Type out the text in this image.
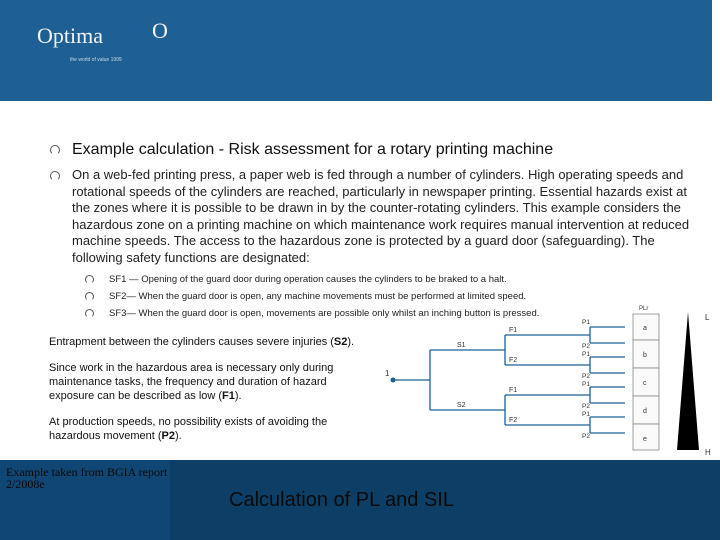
Optima O
the world of value 1999
Example calculation - Risk assessment for a rotary printing machine
On a web-fed printing press, a paper web is fed through a number of cylinders. High operating speeds and rotational speeds of the cylinders are reached, particularly in newspaper printing. Essential hazards exist at the zones where it is possible to be drawn in by the counter-rotating cylinders. This example considers the hazardous zone on a printing machine on which maintenance work requires manual intervention at reduced machine speeds. The access to the hazardous zone is protected by a guard door (safeguarding). The following safety functions are designated:
SF1 — Opening of the guard door during operation causes the cylinders to be braked to a halt.
SF2— When the guard door is open, any machine movements must be performed at limited speed.
SF3— When the guard door is open, movements are possible only whilst an inching button is pressed.
Entrapment between the cylinders causes severe injuries (S2).
Since work in the hazardous area is necessary only during maintenance tasks, the frequency and duration of hazard exposure can be described as low (F1).
At production speeds, no possibility exists of avoiding the hazardous movement (P2).
1
S1
S2
F1
F2
F1
F2
P1
P2
P1
P2
P1
P2
P1
P2
PLr
a
b
c
d
e
L
H
Example taken from BGIA report 2/2008e
Calculation of PL and SIL
